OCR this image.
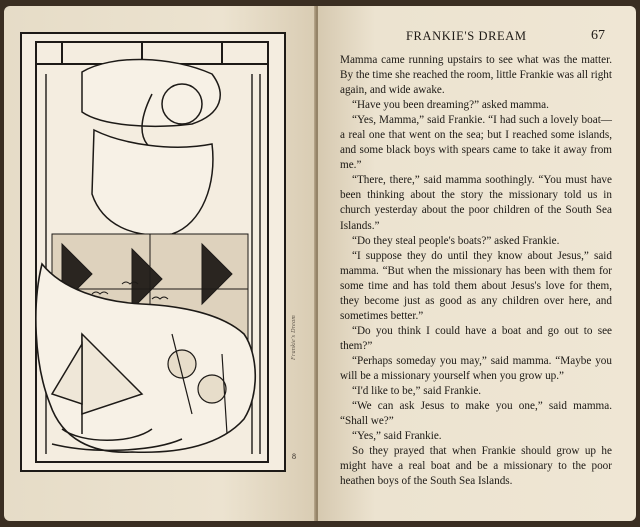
Frankie's Dream
8
FRANKIE'S DREAM	67

Mamma came running upstairs to see what was the matter. By the time she reached the room, little Frankie was all right again, and wide awake.

“Have you been dreaming?” asked mamma.

“Yes, Mamma,” said Frankie. “I had such a lovely boat—a real one that went on the sea; but I reached some islands, and some black boys with spears came to take it away from me.”

“There, there,” said mamma soothingly. “You must have been thinking about the story the missionary told us in church yesterday about the poor children of the South Sea Islands.”

“Do they steal people's boats?” asked Frankie.

“I suppose they do until they know about Jesus,” said mamma. “But when the missionary has been with them for some time and has told them about Jesus's love for them, they become just as good as any children over here, and sometimes better.”

“Do you think I could have a boat and go out to see them?”

“Perhaps someday you may,” said mamma. “Maybe you will be a missionary yourself when you grow up.”

“I'd like to be,” said Frankie.

“We can ask Jesus to make you one,” said mamma. “Shall we?”

“Yes,” said Frankie.

So they prayed that when Frankie should grow up he might have a real boat and be a missionary to the poor heathen boys of the South Sea Islands.
